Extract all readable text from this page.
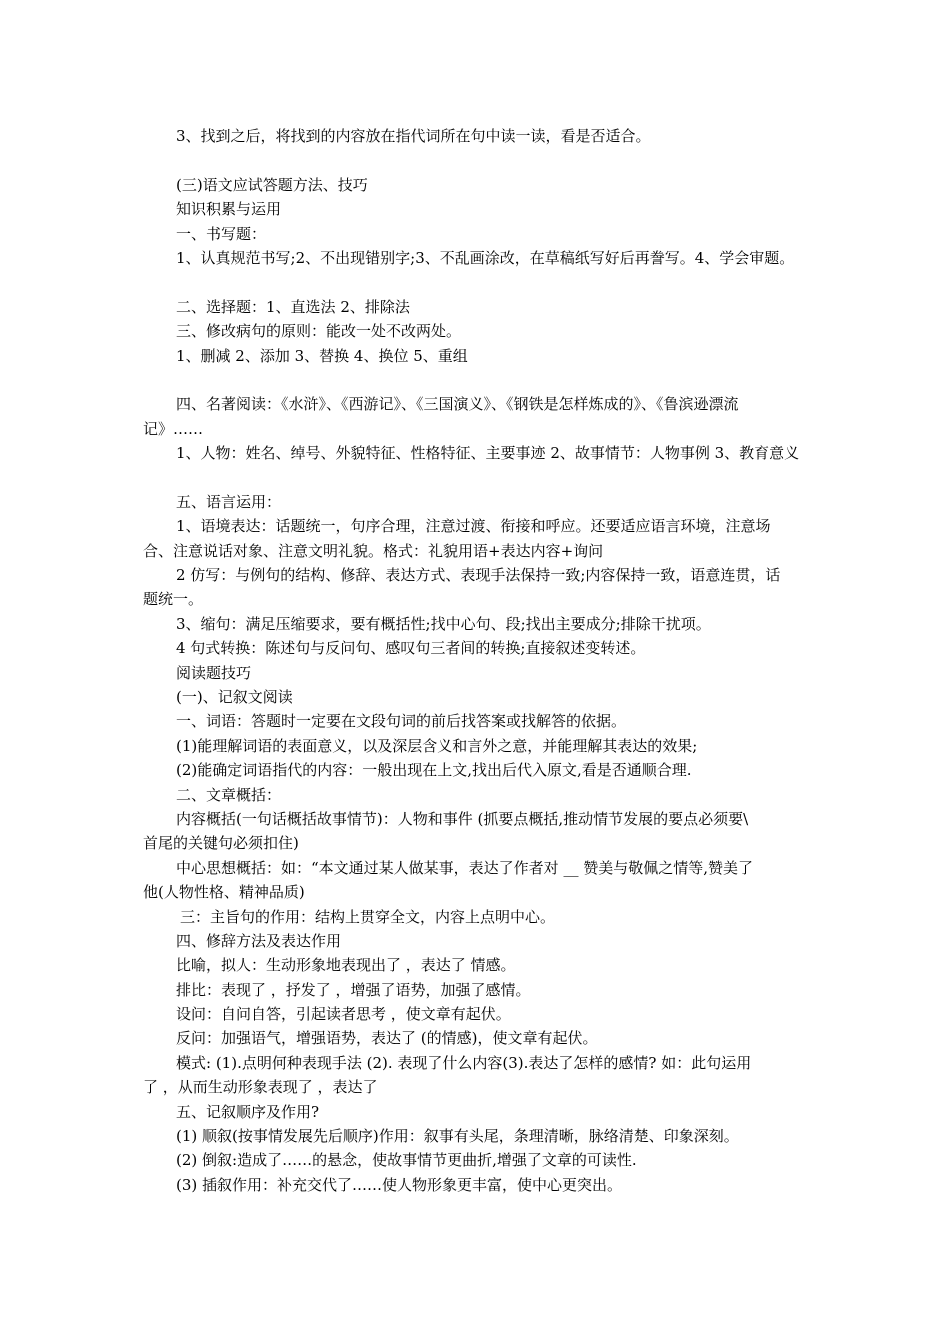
3、找到之后，将找到的内容放在指代词所在句中读一读，看是否适合。
(三)语文应试答题方法、技巧
知识积累与运用
一、书写题：
1、认真规范书写;2、不出现错别字;3、不乱画涂改，在草稿纸写好后再誊写。4、学会审题。
二、选择题：1、直选法 2、排除法
三、修改病句的原则：能改一处不改两处。
1、删减 2、添加 3、替换 4、换位 5、重组
四、名著阅读：《水浒》、《西游记》、《三国演义》、《钢铁是怎样炼成的》、《鲁滨逊漂流
记》……
1、人物：姓名、绰号、外貌特征、性格特征、主要事迹 2、故事情节：人物事例 3、教育意义
五、语言运用：
1、语境表达：话题统一，句序合理，注意过渡、衔接和呼应。还要适应语言环境，注意场
合、注意说话对象、注意文明礼貌。格式：礼貌用语+表达内容+询问
2 仿写：与例句的结构、修辞、表达方式、表现手法保持一致;内容保持一致，语意连贯，话
题统一。
3、缩句：满足压缩要求，要有概括性;找中心句、段;找出主要成分;排除干扰项。
4 句式转换：陈述句与反问句、感叹句三者间的转换;直接叙述变转述。
阅读题技巧
(一)、记叙文阅读
一、词语：答题时一定要在文段句词的前后找答案或找解答的依据。
(1)能理解词语的表面意义，以及深层含义和言外之意，并能理解其表达的效果;
(2)能确定词语指代的内容：一般出现在上文,找出后代入原文,看是否通顺合理.
二、文章概括：
内容概括(一句话概括故事情节)：人物和事件 (抓要点概括,推动情节发展的要点必须要\
首尾的关键句必须扣住)
中心思想概括：如：“本文通过某人做某事，表达了作者对 __ 赞美与敬佩之情等,赞美了
他(人物性格、精神品质)
三：主旨句的作用：结构上贯穿全文，内容上点明中心。
四、修辞方法及表达作用
比喻，拟人：生动形象地表现出了 ，表达了 情感。
排比：表现了 ，抒发了 ，增强了语势，加强了感情。
设问：自问自答，引起读者思考 ，使文章有起伏。
反问：加强语气，增强语势，表达了 (的情感)，使文章有起伏。
模式: (1).点明何种表现手法 (2). 表现了什么内容(3).表达了怎样的感情? 如：此句运用
了 ，从而生动形象表现了 ，表达了
五、记叙顺序及作用?
(1) 顺叙(按事情发展先后顺序)作用：叙事有头尾，条理清晰，脉络清楚、印象深刻。
(2) 倒叙:造成了……的悬念，使故事情节更曲折,增强了文章的可读性.
(3) 插叙作用：补充交代了……使人物形象更丰富，使中心更突出。
